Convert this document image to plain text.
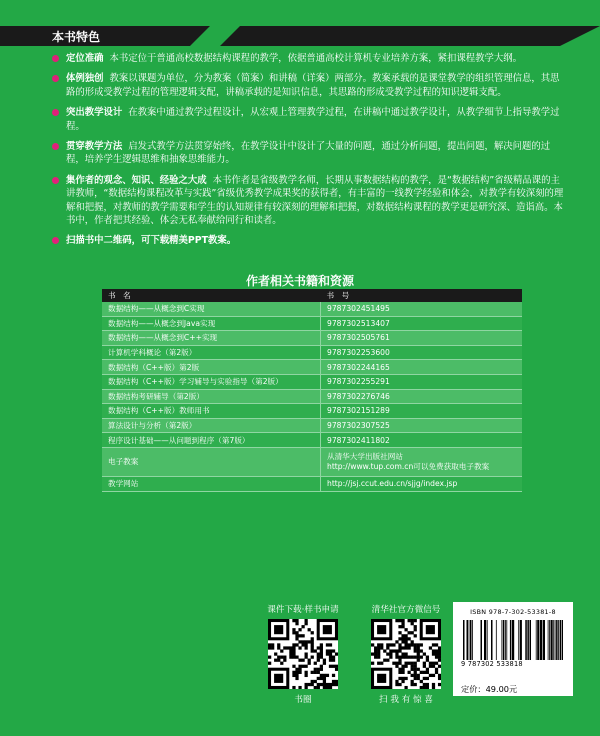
本书特色
定位准确 本书定位于普通高校数据结构课程的教学，依据普通高校计算机专业培养方案，紧扣课程教学大纲。
体例独创 教案以课题为单位，分为教案（简案）和讲稿（详案）两部分。教案承载的是课堂教学的组织管理信息，其思路的形成受教学过程的管理逻辑支配，讲稿承载的是知识信息，其思路的形成受教学过程的知识逻辑支配。
突出教学设计 在教案中通过教学过程设计，从宏观上管理教学过程，在讲稿中通过教学设计，从教学细节上指导教学过程。
贯穿教学方法 启发式教学方法贯穿始终，在教学设计中设计了大量的问题，通过分析问题，提出问题，解决问题的过程，培养学生逻辑思维和抽象思维能力。
集作者的观念、知识、经验之大成 本书作者是省级教学名师，长期从事数据结构的教学，是“数据结构”省级精品课的主讲教师，“数据结构课程改革与实践”省级优秀教学成果奖的获得者，有丰富的一线教学经验和体会，对教学有较深刻的理解和把握，对教师的教学需要和学生的认知规律有较深刻的理解和把握，对数据结构课程的教学更是研究深、造诣高。本书中，作者把其经验、体会无私奉献给同行和读者。
扫描书中二维码，可下载精美PPT教案。
作者相关书籍和资源
书　名	书　号
数据结构——从概念到C实现	9787302451495
数据结构——从概念到Java实现	9787302513407
数据结构——从概念到C++实现	9787302505761
计算机学科概论（第2版）	9787302253600
数据结构（C++版）第2版	9787302244165
数据结构（C++版）学习辅导与实验指导（第2版）	9787302255291
数据结构考研辅导（第2版）	9787302276746
数据结构（C++版）教师用书	9787302151289
算法设计与分析（第2版）	9787302307525
程序设计基础——从问题到程序（第7版）	9787302411802
电子教案	从清华大学出版社网站
http://www.tup.com.cn可以免费获取电子教案
教学网站	http://jsj.ccut.edu.cn/sjjg/index.jsp
课件下载·样书申请
书圈
清华社官方微信号
扫 我 有 惊 喜
ISBN 978-7-302-53381-8
9 787302 533818
定价：49.00元
